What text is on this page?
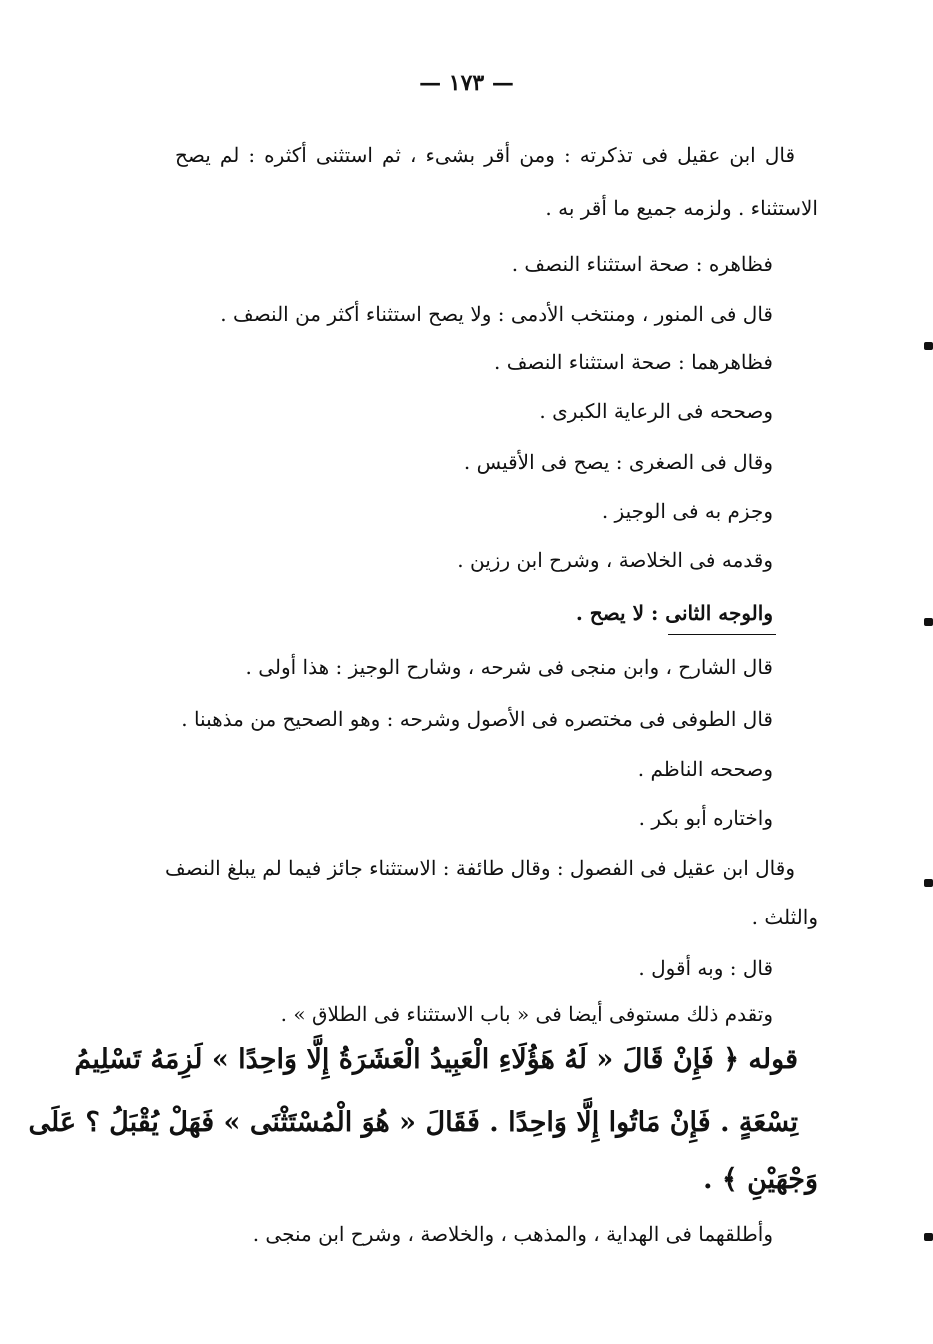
— ١٧٣ —
قال ابن عقيل فى تذكرته : ومن أقر بشىء ، ثم استثنى أكثره : لم يصح
الاستثناء . ولزمه جميع ما أقر به .
فظاهره : صحة استثناء النصف .
قال فى المنور ، ومنتخب الأدمى : ولا يصح استثناء أكثر من النصف .
فظاهرهما : صحة استثناء النصف .
وصححه فى الرعاية الكبرى .
وقال فى الصغرى : يصح فى الأقيس .
وجزم به فى الوجيز .
وقدمه فى الخلاصة ، وشرح ابن رزين .
والوجه الثانى : لا يصح .
قال الشارح ، وابن منجى فى شرحه ، وشارح الوجيز : هذا أولى .
قال الطوفى فى مختصره فى الأصول وشرحه : وهو الصحيح من مذهبنا .
وصححه الناظم .
واختاره أبو بكر .
وقال ابن عقيل فى الفصول : وقال طائفة : الاستثناء جائز فيما لم يبلغ النصف
والثلث .
قال : وبه أقول .
وتقدم ذلك مستوفى أيضا فى « باب الاستثناء فى الطلاق » .
قوله ﴿ فَإِنْ قَالَ « لَهُ هَؤُلَاءِ الْعَبِيدُ الْعَشَرَةُ إِلَّا وَاحِدًا » لَزِمَهُ تَسْلِيمُ
تِسْعَةٍ . فَإِنْ مَاتُوا إِلَّا وَاحِدًا . فَقَالَ « هُوَ الْمُسْتَثْنَى » فَهَلْ يُقْبَلُ ؟ عَلَى
وَجْهَيْنِ ﴾ .
وأطلقهما فى الهداية ، والمذهب ، والخلاصة ، وشرح ابن منجى .
